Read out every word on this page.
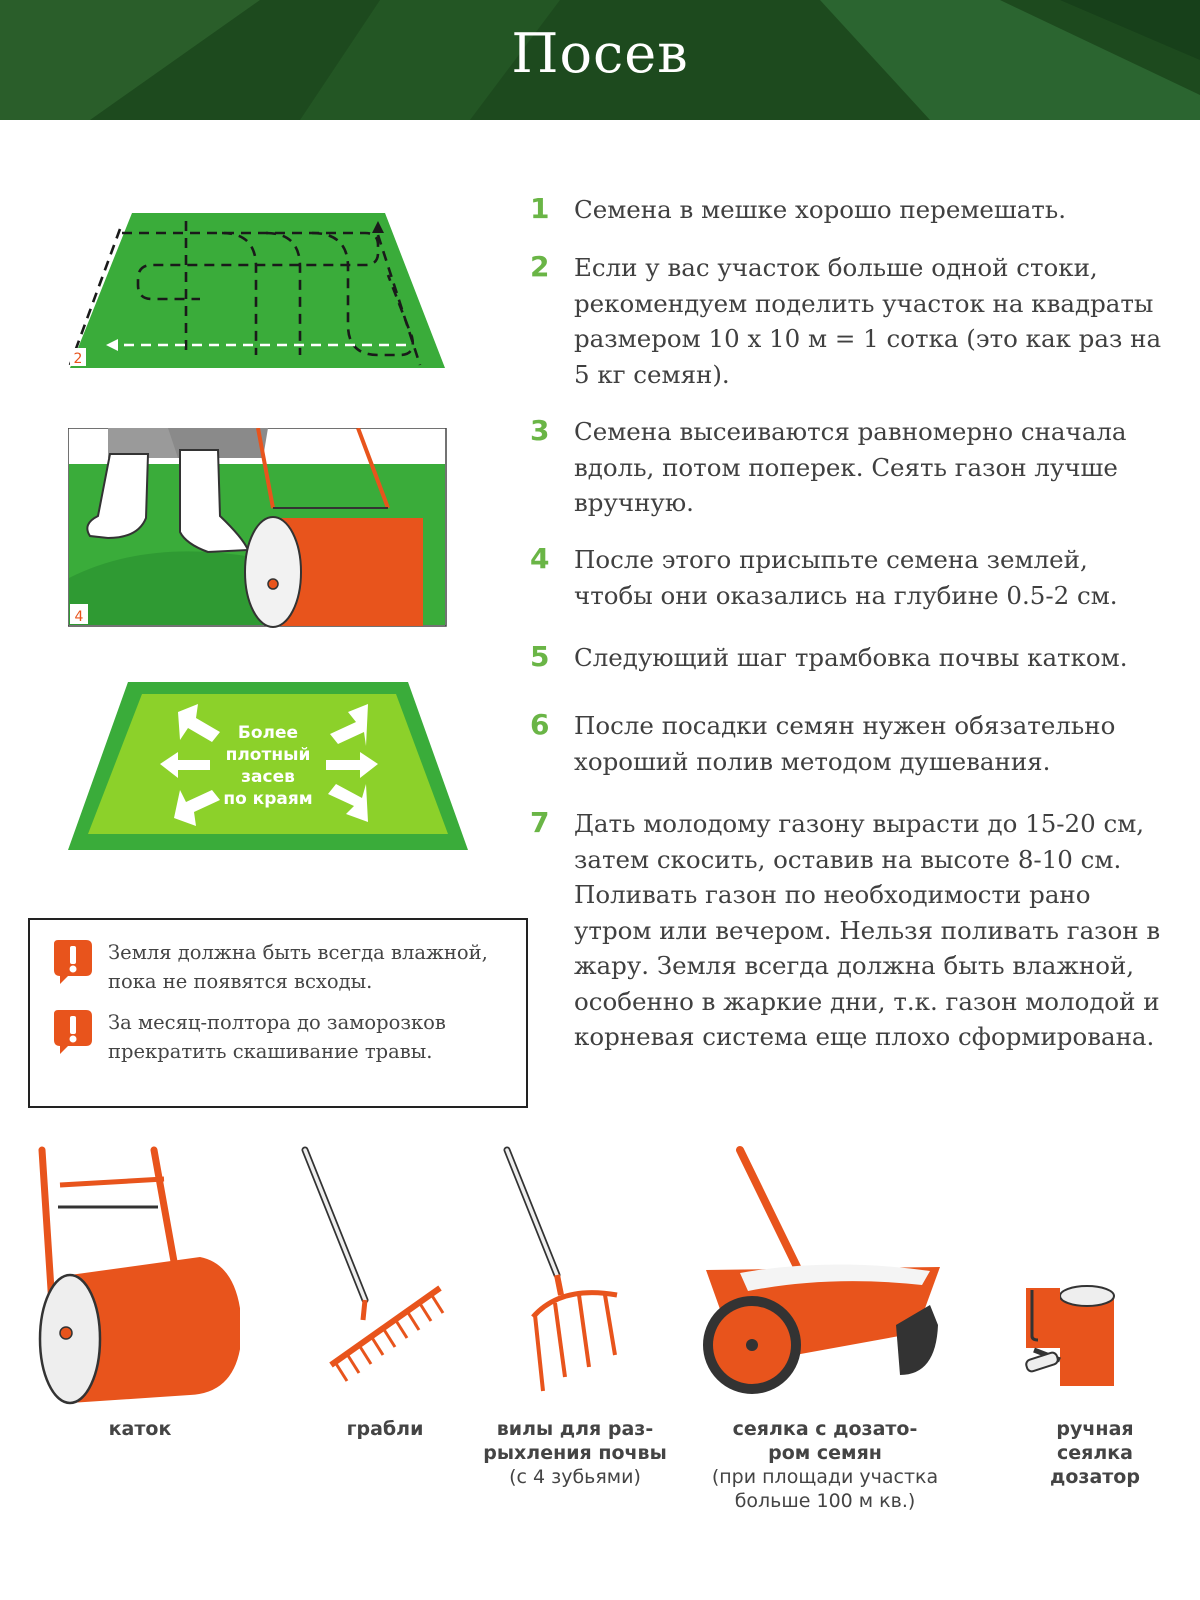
Посев
2
4
Более
плотный
засев
по краям
1 Семена в мешке хорошо перемешать.
2 Если у вас участок больше одной стоки, рекомендуем поделить участок на квадраты размером 10 х 10 м = 1 сотка (это как раз на 5 кг семян).
3 Семена высеиваются равномерно сначала вдоль, потом поперек. Сеять газон лучше вручную.
4 После этого присыпьте семена землей, чтобы они оказались на глубине 0.5-2 см.
5 Следующий шаг трамбовка почвы катком.
6 После посадки семян нужен обязательно хороший полив методом душевания.
7 Дать молодому газону вырасти до 15-20 см, затем скосить, оставив на высоте 8-10 см. Поливать газон по необходимости рано утром или вечером. Нельзя поливать газон в жару. Земля всегда должна быть влажной, особенно в жаркие дни, т.к. газон молодой и корневая система еще плохо сформирована.
Земля должна быть всегда влажной, пока не появятся всходы.
За месяц-полтора до заморозков прекратить скашивание травы.
каток	грабли	вилы для раз-
рыхления почвы
(с 4 зубьями)
сеялка с дозато-
ром семян
(при площади участка
больше 100 м кв.)
ручная
сеялка
дозатор
